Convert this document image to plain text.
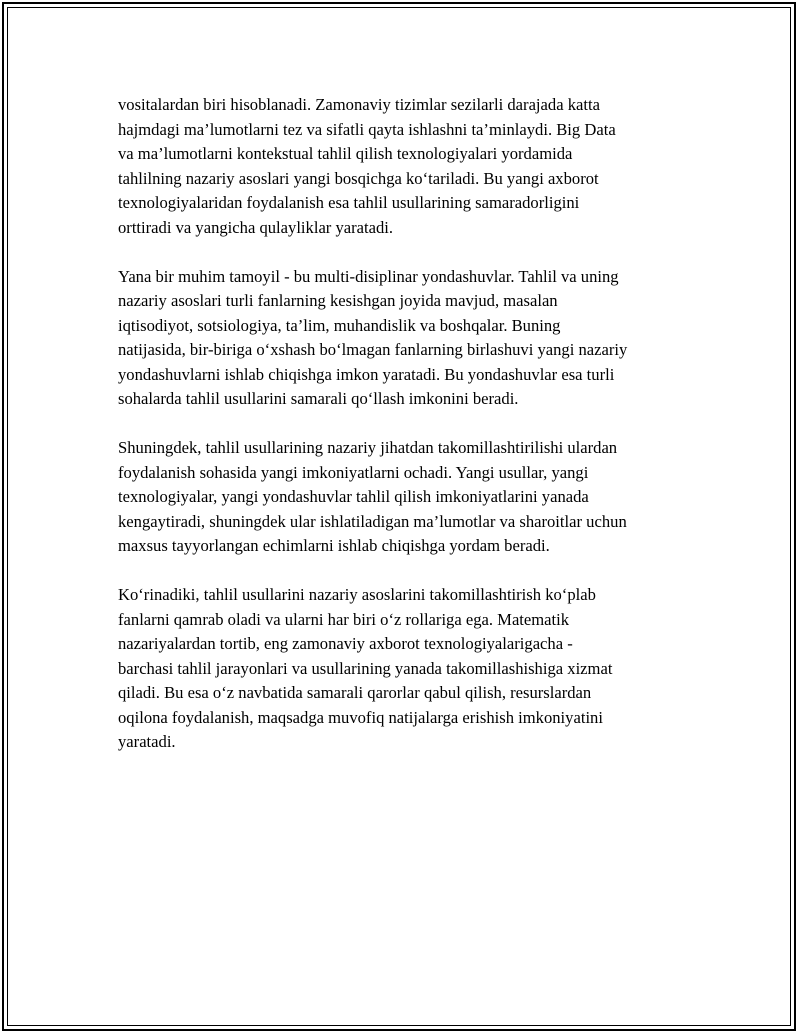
vositalardan biri hisoblanadi. Zamonaviy tizimlar sezilarli darajada katta
hajmdagi ma’lumotlarni tez va sifatli qayta ishlashni ta’minlaydi. Big Data
va ma’lumotlarni kontekstual tahlil qilish texnologiyalari yordamida
tahlilning nazariy asoslari yangi bosqichga ko‘tariladi. Bu yangi axborot
texnologiyalaridan foydalanish esa tahlil usullarining samaradorligini
orttiradi va yangicha qulayliklar yaratadi.

Yana bir muhim tamoyil - bu multi-disiplinar yondashuvlar. Tahlil va uning
nazariy asoslari turli fanlarning kesishgan joyida mavjud, masalan
iqtisodiyot, sotsiologiya, ta’lim, muhandislik va boshqalar. Buning
natijasida, bir-biriga o‘xshash bo‘lmagan fanlarning birlashuvi yangi nazariy
yondashuvlarni ishlab chiqishga imkon yaratadi. Bu yondashuvlar esa turli
sohalarda tahlil usullarini samarali qo‘llash imkonini beradi.

Shuningdek, tahlil usullarining nazariy jihatdan takomillashtirilishi ulardan
foydalanish sohasida yangi imkoniyatlarni ochadi. Yangi usullar, yangi
texnologiyalar, yangi yondashuvlar tahlil qilish imkoniyatlarini yanada
kengaytiradi, shuningdek ular ishlatiladigan ma’lumotlar va sharoitlar uchun
maxsus tayyorlangan echimlarni ishlab chiqishga yordam beradi.

Ko‘rinadiki, tahlil usullarini nazariy asoslarini takomillashtirish ko‘plab
fanlarni qamrab oladi va ularni har biri o‘z rollariga ega. Matematik
nazariyalardan tortib, eng zamonaviy axborot texnologiyalarigacha -
barchasi tahlil jarayonlari va usullarining yanada takomillashishiga xizmat
qiladi. Bu esa o‘z navbatida samarali qarorlar qabul qilish, resurslardan
oqilona foydalanish, maqsadga muvofiq natijalarga erishish imkoniyatini
yaratadi.
